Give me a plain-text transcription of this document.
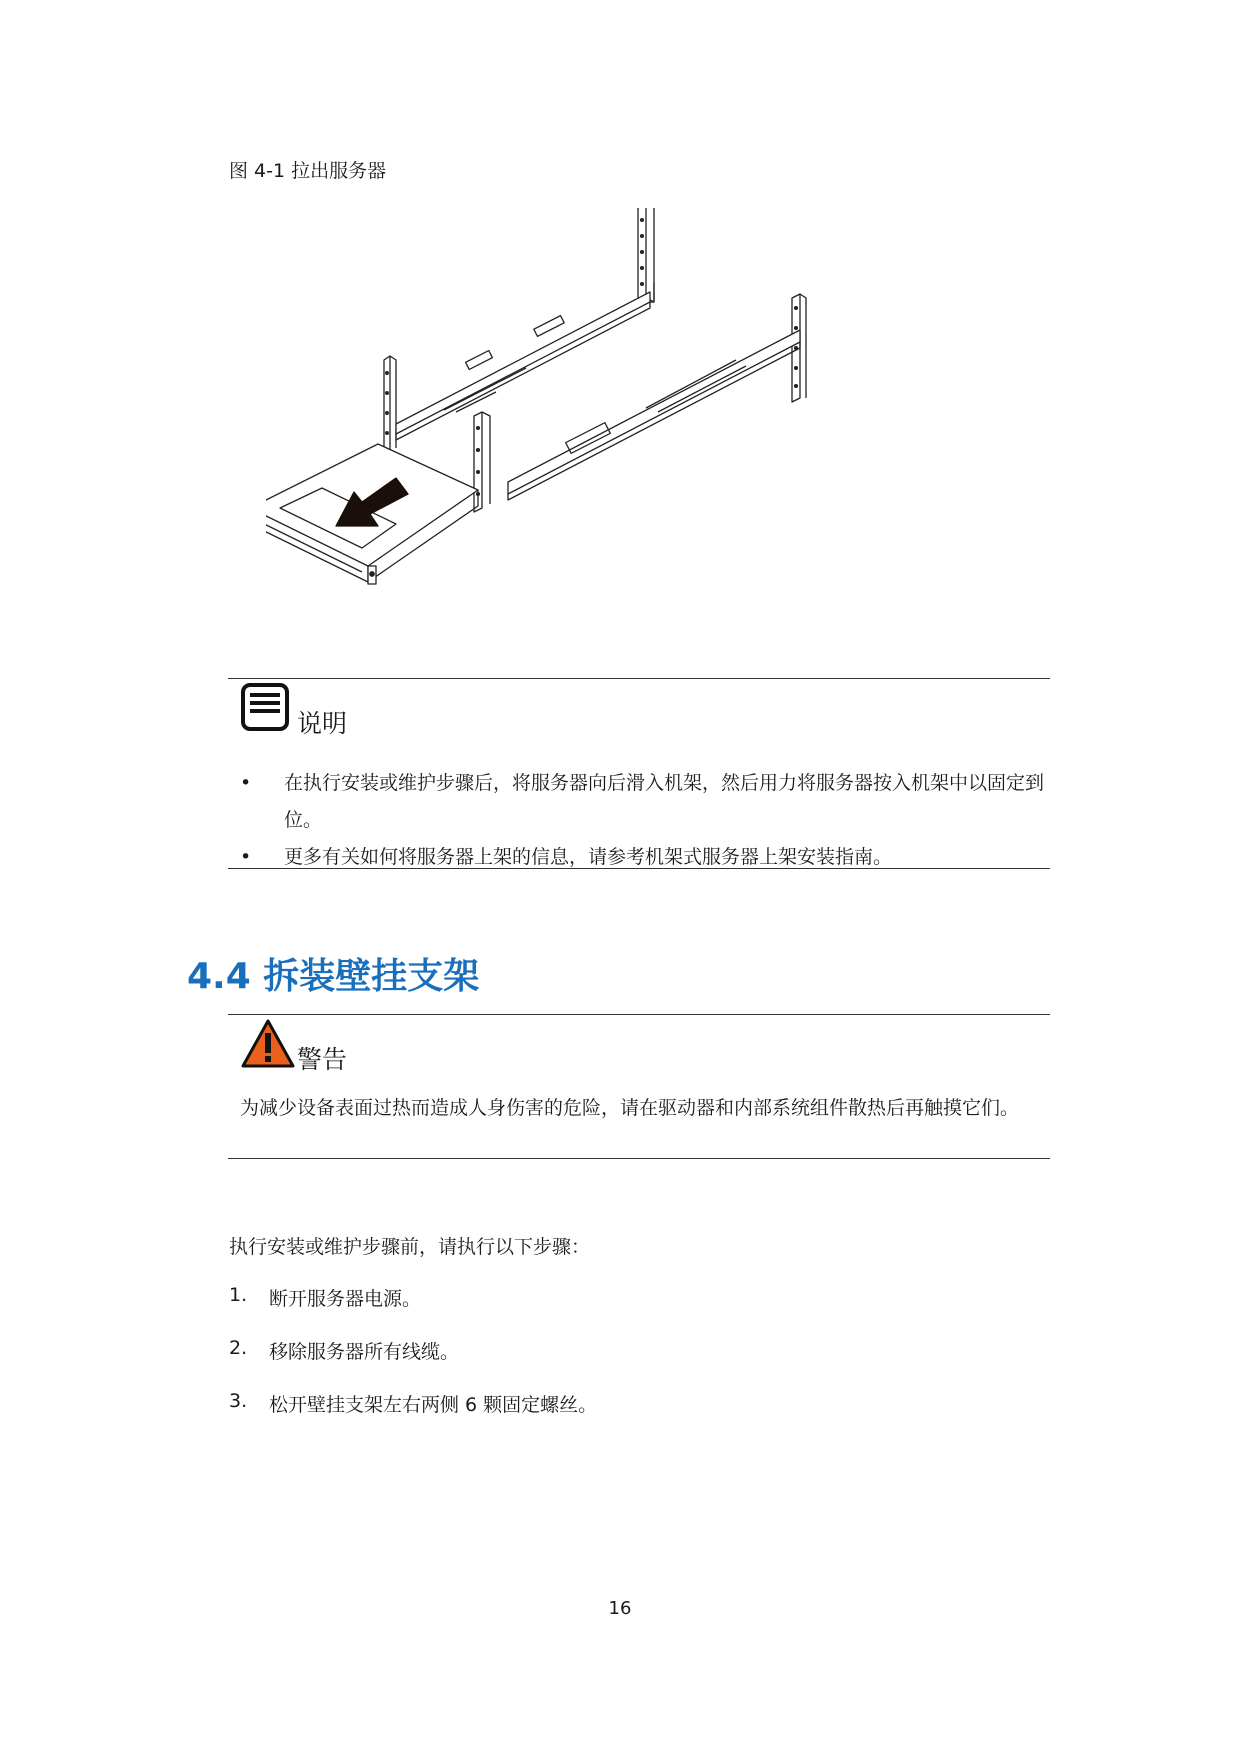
图 4-1 拉出服务器
说明
•	在执行安装或维护步骤后，将服务器向后滑入机架，然后用力将服务器按入机架中以固定到位。
•	更多有关如何将服务器上架的信息，请参考机架式服务器上架安装指南。
4.4 拆装壁挂支架
警告
为减少设备表面过热而造成人身伤害的危险，请在驱动器和内部系统组件散热后再触摸它们。
执行安装或维护步骤前，请执行以下步骤：
1.	断开服务器电源。
2.	移除服务器所有线缆。
3.	松开壁挂支架左右两侧 6 颗固定螺丝。
16
